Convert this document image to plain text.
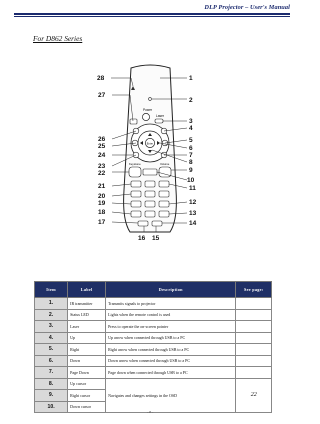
DLP Projector – User's Manual
For D862 Series
Power
Laser
Enter
Keystone	Volume
28	1
2
27
3
4
26	5
25	6
24	7
8
23
9
22
10
21	11
20
12
19
18	13
17	14
16 15
Item	Label	Description	See page:
1.	IR transmitter	Transmits signals to projector	
2.	Status LED	Lights when the remote control is used	
3.	Laser	Press to operate the on-screen pointer	
4.	Up	Up arrow when connected through USB to a PC	
5.	Right	Right arrow when connected through USB to a PC	
6.	Down	Down arrow when connected through USB to a PC	
7.	Page Down	Page down when connected through USB to a PC	
8.	Up cursor	Navigates and changes settings in the OSD	22
9.	Right cursor		
10.	Down cursor		
– 8 –
